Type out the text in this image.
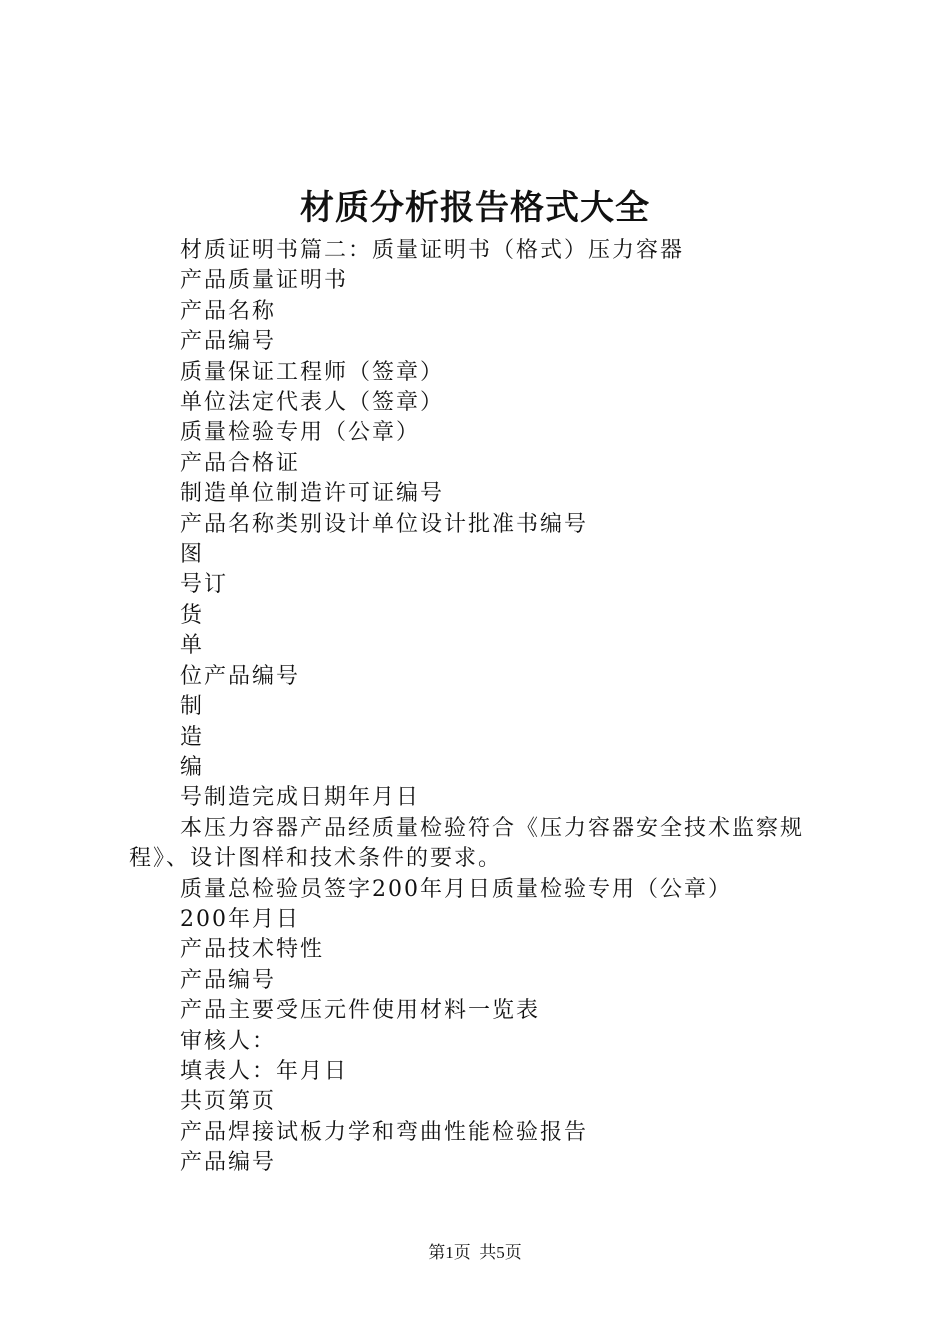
材质分析报告格式大全
材质证明书篇二：质量证明书（格式）压力容器
产品质量证明书
产品名称
产品编号
质量保证工程师（签章）
单位法定代表人（签章）
质量检验专用（公章）
产品合格证
制造单位制造许可证编号
产品名称类别设计单位设计批准书编号
图
号订
货
单
位产品编号
制
造
编
号制造完成日期年月日
本压力容器产品经质量检验符合《压力容器安全技术监察规程》、设计图样和技术条件的要求。
质量总检验员签字200年月日质量检验专用（公章）
200年月日
产品技术特性
产品编号
产品主要受压元件使用材料一览表
审核人：
填表人：年月日
共页第页
产品焊接试板力学和弯曲性能检验报告
产品编号
第1页 共5页
